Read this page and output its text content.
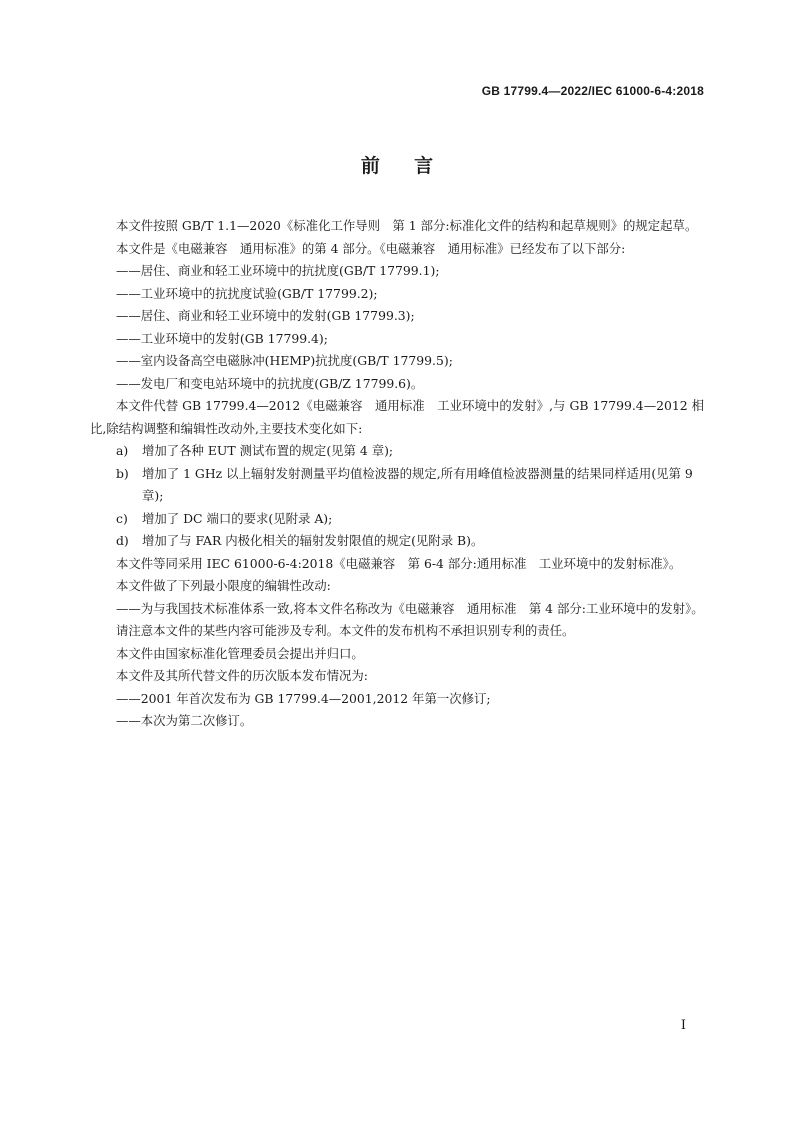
GB 17799.4—2022/IEC 61000-6-4:2018
前 言

本文件按照 GB/T 1.1—2020《标准化工作导则　第 1 部分:标准化文件的结构和起草规则》的规定起草。

本文件是《电磁兼容　通用标准》的第 4 部分。《电磁兼容　通用标准》已经发布了以下部分:

——居住、商业和轻工业环境中的抗扰度(GB/T 17799.1);

——工业环境中的抗扰度试验(GB/T 17799.2);

——居住、商业和轻工业环境中的发射(GB 17799.3);

——工业环境中的发射(GB 17799.4);

——室内设备高空电磁脉冲(HEMP)抗扰度(GB/T 17799.5);

——发电厂和变电站环境中的抗扰度(GB/Z 17799.6)。

本文件代替 GB 17799.4—2012《电磁兼容　通用标准　工业环境中的发射》,与 GB 17799.4—2012 相比,除结构调整和编辑性改动外,主要技术变化如下:

a) 增加了各种 EUT 测试布置的规定(见第 4 章);

b) 增加了 1 GHz 以上辐射发射测量平均值检波器的规定,所有用峰值检波器测量的结果同样适用(见第 9 章);

c) 增加了 DC 端口的要求(见附录 A);

d) 增加了与 FAR 内极化相关的辐射发射限值的规定(见附录 B)。

本文件等同采用 IEC 61000-6-4:2018《电磁兼容　第 6-4 部分:通用标准　工业环境中的发射标准》。

本文件做了下列最小限度的编辑性改动:

——为与我国技术标准体系一致,将本文件名称改为《电磁兼容　通用标准　第 4 部分:工业环境中的发射》。

请注意本文件的某些内容可能涉及专利。本文件的发布机构不承担识别专利的责任。

本文件由国家标准化管理委员会提出并归口。

本文件及其所代替文件的历次版本发布情况为:

——2001 年首次发布为 GB 17799.4—2001,2012 年第一次修订;

——本次为第二次修订。

I
